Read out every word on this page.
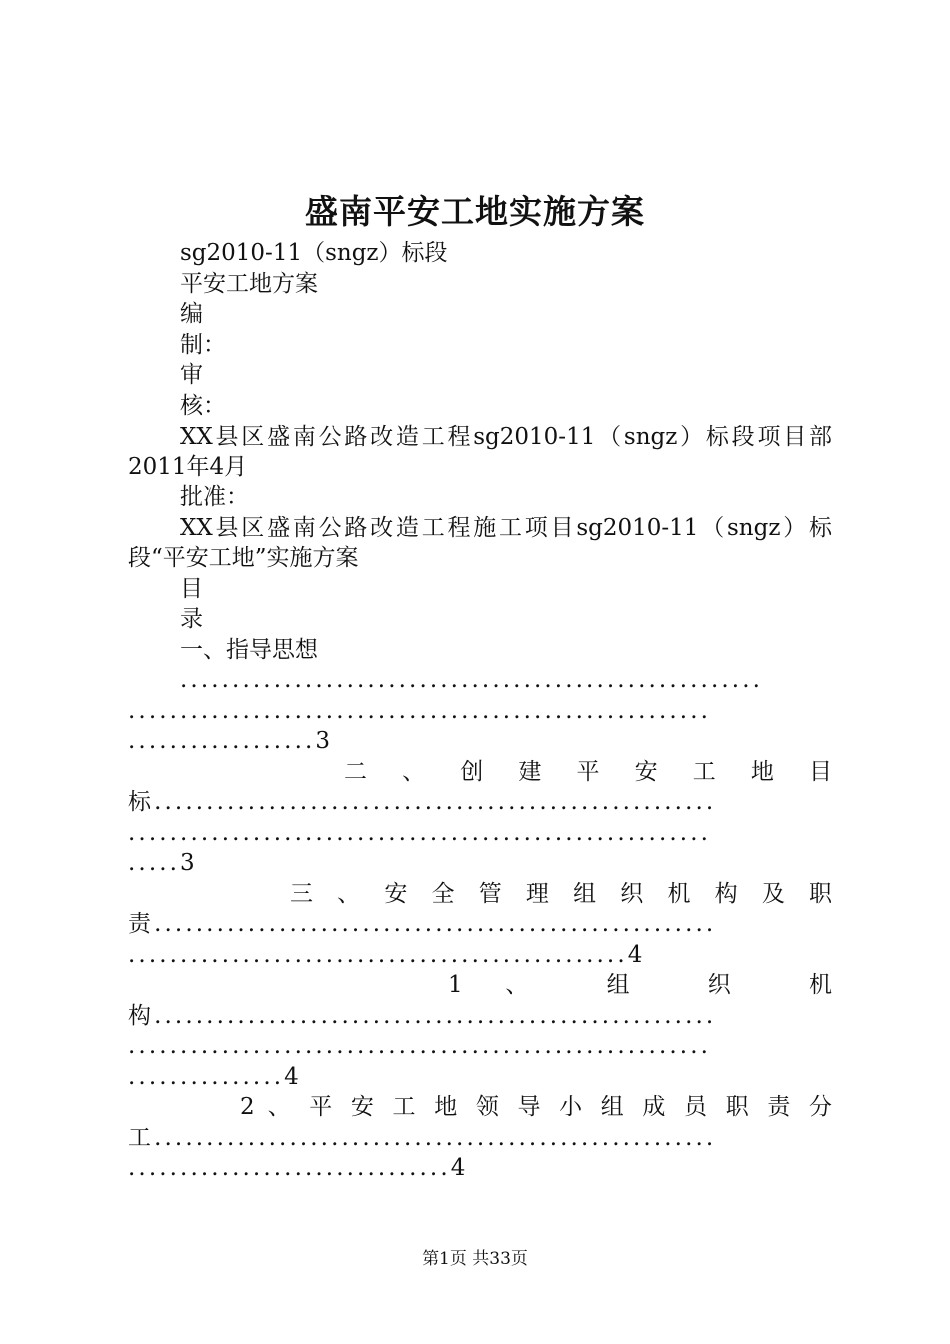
盛南平安工地实施方案
sg2010-11（sngz）标段
平安工地方案
编
制：
审
核：
XX县区盛南公路改造工程sg2010-11（sngz）标段项目部
2011年4月
批准：
XX县区盛南公路改造工程施工项目sg2010-11（sngz）标
段“平安工地”实施方案
目
录
一、指导思想
........................................................
........................................................
..................3
二 、 创 建 平 安 工 地 目
标......................................................
........................................................
.....3
三 、 安 全 管 理 组 织 机 构 及 职
责......................................................
................................................4
1 、 组 织 机
构......................................................
........................................................
...............4
2 、 平 安 工 地 领 导 小 组 成 员 职 责 分
工......................................................
...............................4
第1页 共33页
